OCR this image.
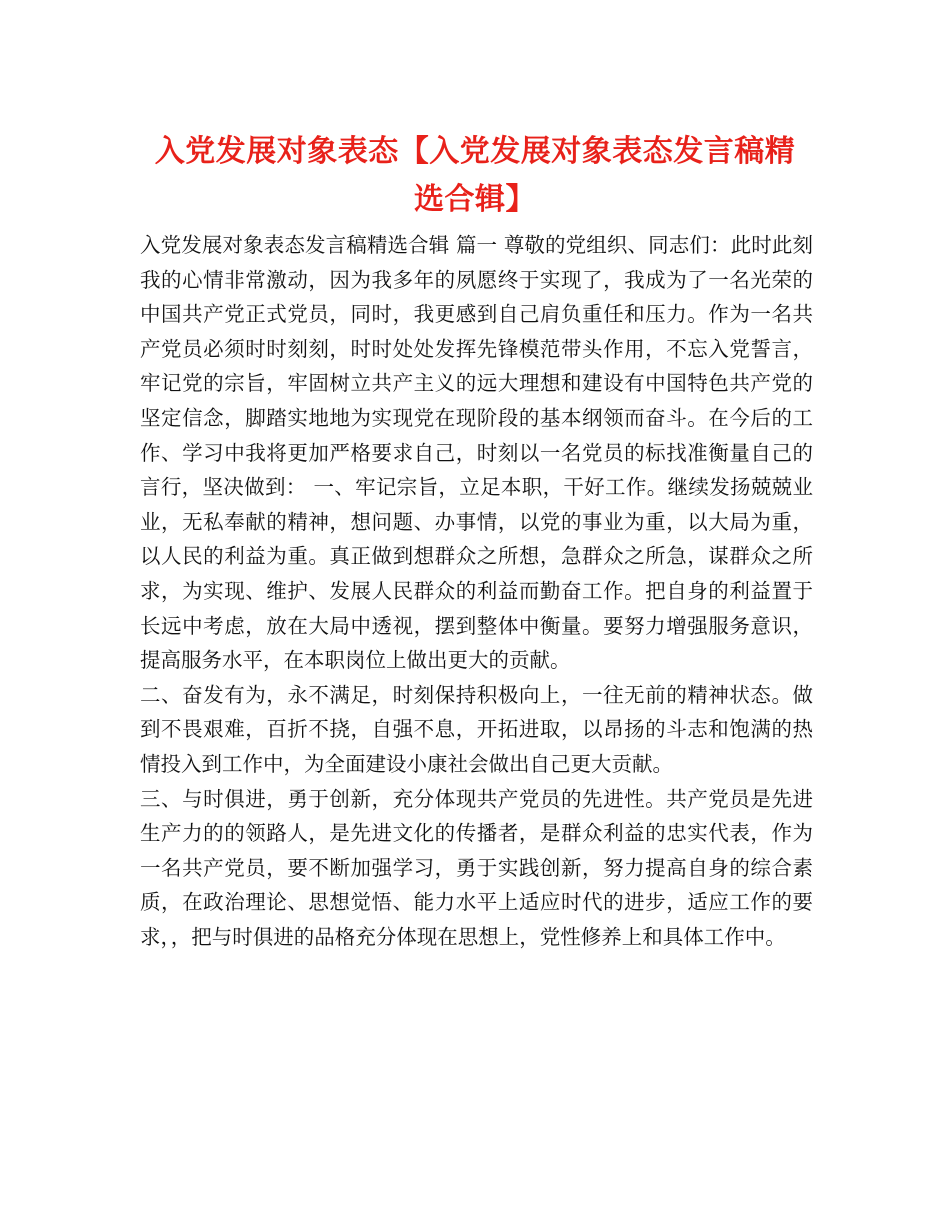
入党发展对象表态【入党发展对象表态发言稿精选合辑】

入党发展对象表态发言稿精选合辑 篇一 尊敬的党组织、同志们：此时此刻我的心情非常激动，因为我多年的夙愿终于实现了，我成为了一名光荣的中国共产党正式党员，同时，我更感到自己肩负重任和压力。作为一名共产党员必须时时刻刻，时时处处发挥先锋模范带头作用，不忘入党誓言，牢记党的宗旨，牢固树立共产主义的远大理想和建设有中国特色共产党的坚定信念，脚踏实地地为实现党在现阶段的基本纲领而奋斗。在今后的工作、学习中我将更加严格要求自己，时刻以一名党员的标找准衡量自己的言行，坚决做到： 一、牢记宗旨，立足本职，干好工作。继续发扬兢兢业业，无私奉献的精神，想问题、办事情，以党的事业为重，以大局为重，以人民的利益为重。真正做到想群众之所想，急群众之所急，谋群众之所求，为实现、维护、发展人民群众的利益而勤奋工作。把自身的利益置于长远中考虑，放在大局中透视，摆到整体中衡量。要努力增强服务意识，提高服务水平，在本职岗位上做出更大的贡献。

二、奋发有为，永不满足，时刻保持积极向上，一往无前的精神状态。做到不畏艰难，百折不挠，自强不息，开拓进取，以昂扬的斗志和饱满的热情投入到工作中，为全面建设小康社会做出自己更大贡献。

三、与时俱进，勇于创新，充分体现共产党员的先进性。共产党员是先进生产力的的领路人，是先进文化的传播者，是群众利益的忠实代表，作为一名共产党员，要不断加强学习，勇于实践创新，努力提高自身的综合素质，在政治理论、思想觉悟、能力水平上适应时代的进步，适应工作的要求，，把与时俱进的品格充分体现在思想上，党性修养上和具体工作中。
